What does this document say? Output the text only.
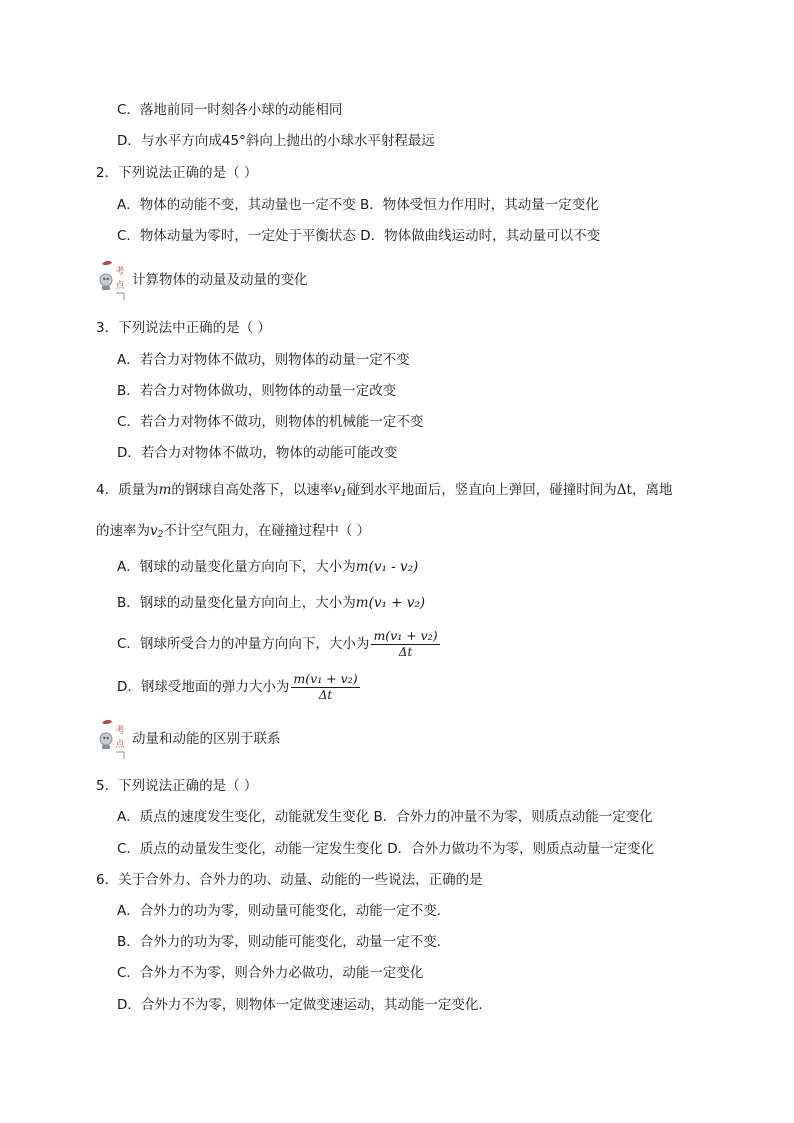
C．落地前同一时刻各小球的动能相同
D．与水平方向成45°斜向上抛出的小球水平射程最远
2．下列说法正确的是（ ）
A．物体的动能不变，其动量也一定不变 B．物体受恒力作用时，其动量一定变化
C．物体动量为零时，一定处于平衡状态 D．物体做曲线运动时，其动量可以不变
考
点 计算物体的动量及动量的变化
3．下列说法中正确的是（ ）
A．若合力对物体不做功，则物体的动量一定不变
B．若合力对物体做功，则物体的动量一定改变
C．若合力对物体不做功，则物体的机械能一定不变
D．若合力对物体不做功，物体的动能可能改变
4．质量为m的钢球自高处落下，以速率$v_1$碰到水平地面后，竖直向上弹回，碰撞时间为Δt，离地
的速率为$v_2$不计空气阻力，在碰撞过程中（ ）
A．钢球的动量变化量方向向下，大小为m(v₁ - v₂)
B．钢球的动量变化量方向向上，大小为m(v₁ + v₂)
C．钢球所受合力的冲量方向向下，大小为 $\frac{\text{m(v₁ + v₂)}}{\Delta t}$
D．钢球受地面的弹力大小为 $\frac{\text{m(v₁ + v₂)}}{\Delta t}$
考
点 动量和动能的区别于联系
5．下列说法正确的是（ ）
A．质点的速度发生变化，动能就发生变化 B．合外力的冲量不为零，则质点动能一定变化
C．质点的动量发生变化，动能一定发生变化 D．合外力做功不为零，则质点动量一定变化
6．关于合外力、合外力的功、动量、动能的一些说法，正确的是
A．合外力的功为零，则动量可能变化，动能一定不变．
B．合外力的功为零，则动能可能变化，动量一定不变．
C．合外力不为零，则合外力必做功，动能一定变化
D．合外力不为零，则物体一定做变速运动，其动能一定变化．
